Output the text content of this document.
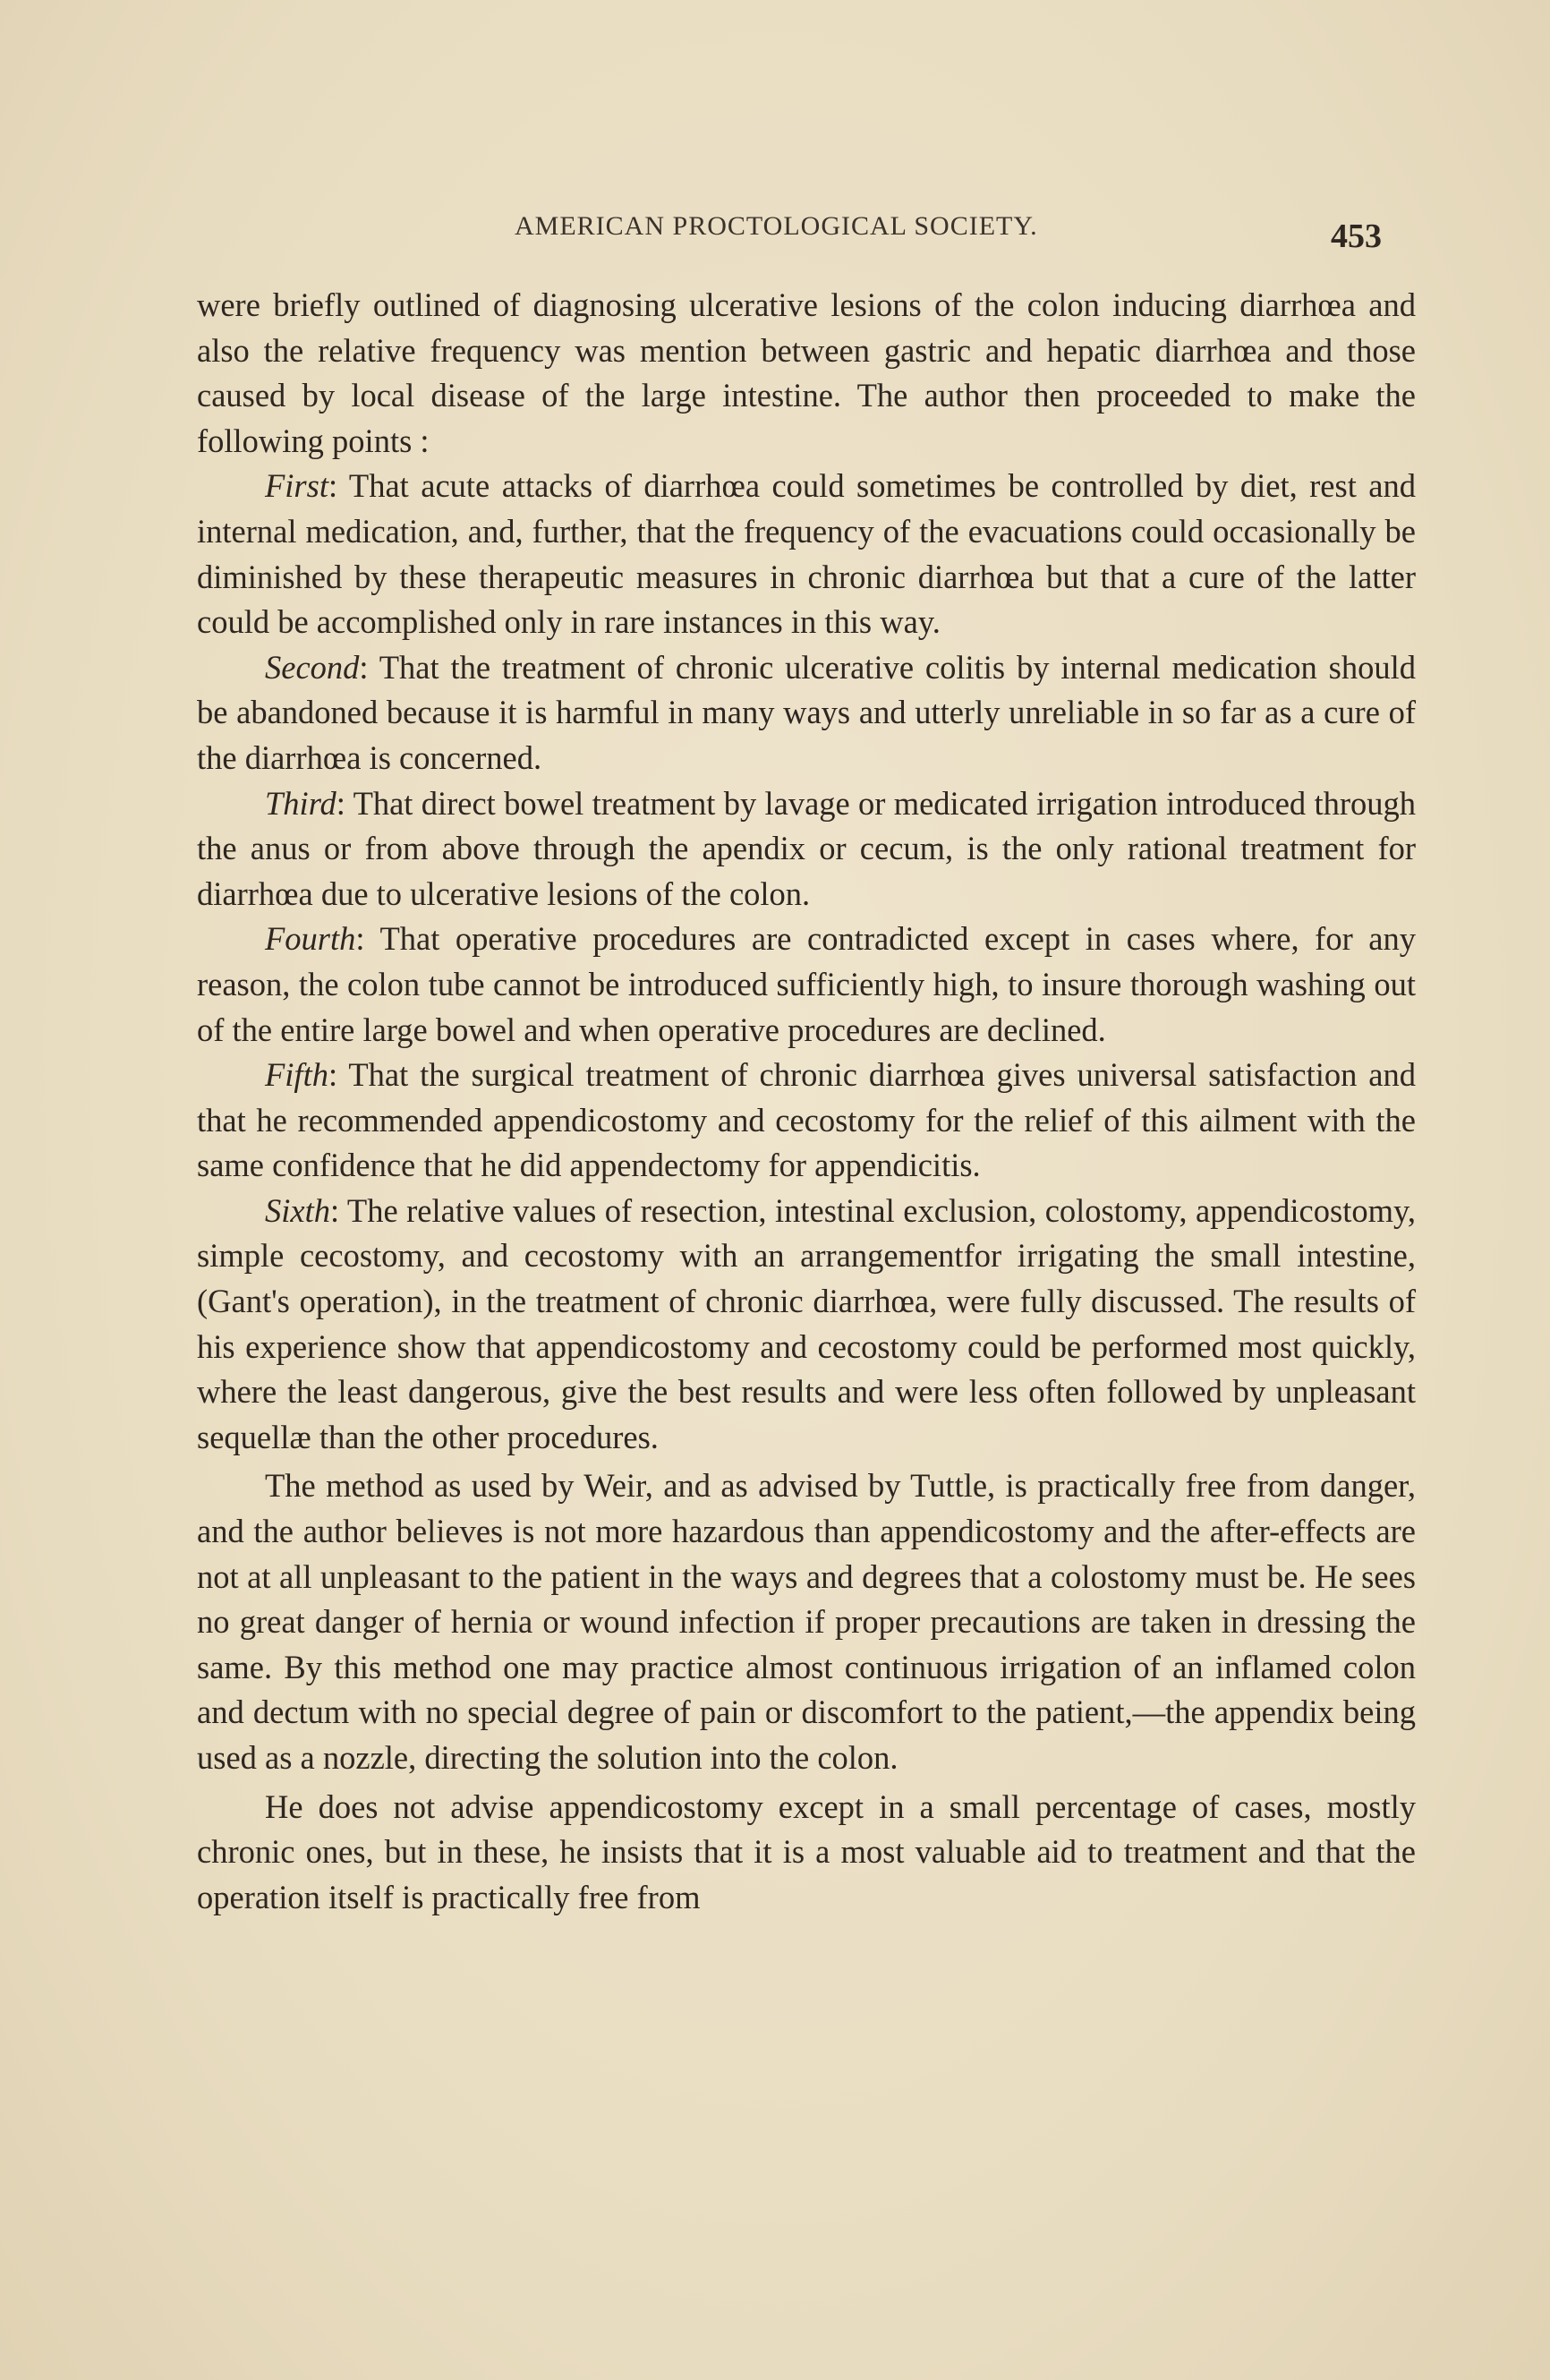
AMERICAN PROCTOLOGICAL SOCIETY.	453

were briefly outlined of diagnosing ulcerative lesions of the colon inducing diarrhœa and also the relative frequency was mention between gastric and hepatic diarrhœa and those caused by local disease of the large intestine. The author then proceeded to make the following points :

First: That acute attacks of diarrhœa could sometimes be controlled by diet, rest and internal medication, and, further, that the frequency of the evacuations could occasionally be diminished by these therapeutic measures in chronic diarrhœa but that a cure of the latter could be accomplished only in rare instances in this way.

Second: That the treatment of chronic ulcerative colitis by internal medication should be abandoned because it is harmful in many ways and utterly unreliable in so far as a cure of the diarrhœa is concerned.

Third: That direct bowel treatment by lavage or medicated irrigation introduced through the anus or from above through the apendix or cecum, is the only rational treatment for diarrhœa due to ulcerative lesions of the colon.

Fourth: That operative procedures are contradicted except in cases where, for any reason, the colon tube cannot be introduced sufficiently high, to insure thorough washing out of the entire large bowel and when operative procedures are declined.

Fifth: That the surgical treatment of chronic diarrhœa gives universal satisfaction and that he recommended appendicostomy and cecostomy for the relief of this ailment with the same confidence that he did appendectomy for appendicitis.

Sixth: The relative values of resection, intestinal exclusion, colostomy, appendicostomy, simple cecostomy, and cecostomy with an arrangementfor irrigating the small intestine, (Gant's operation), in the treatment of chronic diarrhœa, were fully discussed. The results of his experience show that appendicostomy and cecostomy could be performed most quickly, where the least dangerous, give the best results and were less often followed by unpleasant sequellæ than the other procedures.

The method as used by Weir, and as advised by Tuttle, is practically free from danger, and the author believes is not more hazardous than appendicostomy and the after-effects are not at all unpleasant to the patient in the ways and degrees that a colostomy must be. He sees no great danger of hernia or wound infection if proper precautions are taken in dressing the same. By this method one may practice almost continuous irrigation of an inflamed colon and dectum with no special degree of pain or discomfort to the patient,—the appendix being used as a nozzle, directing the solution into the colon.

He does not advise appendicostomy except in a small percentage of cases, mostly chronic ones, but in these, he insists that it is a most valuable aid to treatment and that the operation itself is practically free from
